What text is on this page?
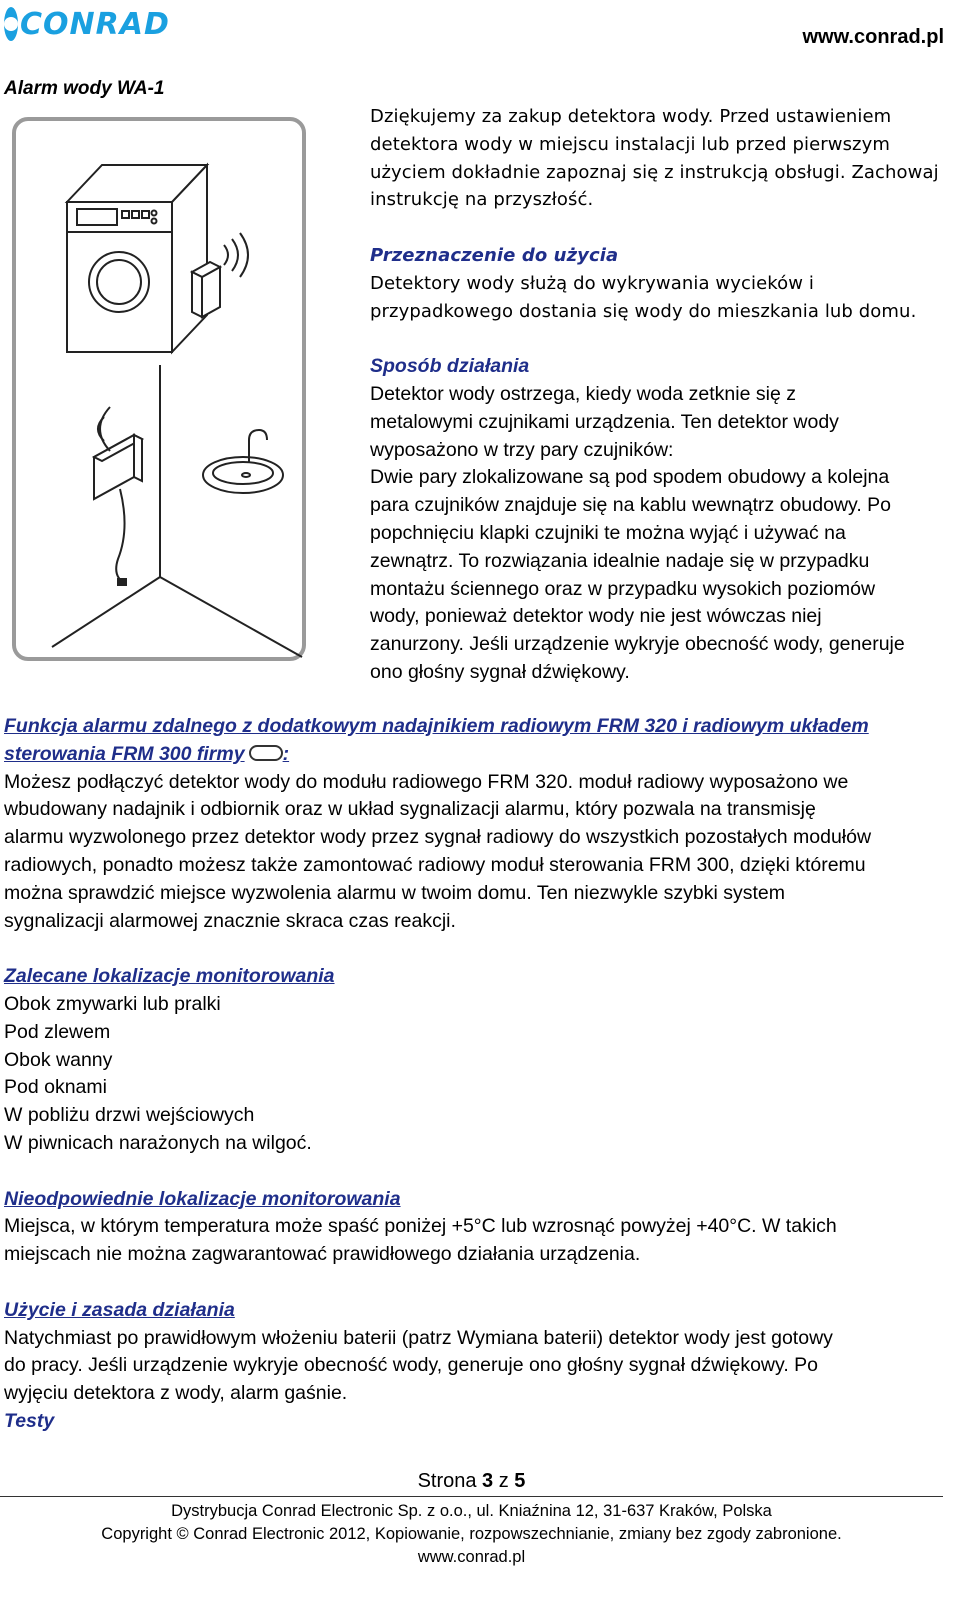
CONRAD	www.conrad.pl
Alarm wody WA-1

Dziękujemy za zakup detektora wody. Przed ustawieniem

detektora wody w miejscu instalacji lub przed pierwszym

użyciem dokładnie zapoznaj się z instrukcją obsługi. Zachowaj

instrukcję na przyszłość.

Przeznaczenie do użycia

Detektory wody służą do wykrywania wycieków i

przypadkowego dostania się wody do mieszkania lub domu.

Sposób działania

Detektor wody ostrzega, kiedy woda zetknie się z

metalowymi czujnikami urządzenia. Ten detektor wody

wyposażono w trzy pary czujników:

Dwie pary zlokalizowane są pod spodem obudowy a kolejna

para czujników znajduje się na kablu wewnątrz obudowy. Po

popchnięciu klapki czujniki te można wyjąć i używać na

zewnątrz. To rozwiązania idealnie nadaje się w przypadku

montażu ściennego oraz w przypadku wysokich poziomów

wody, ponieważ detektor wody nie jest wówczas niej

zanurzony. Jeśli urządzenie wykryje obecność wody, generuje

ono głośny sygnał dźwiękowy.

Funkcja alarmu zdalnego z dodatkowym nadajnikiem radiowym FRM 320 i radiowym układem

sterowania FRM 300 firmy :

Możesz podłączyć detektor wody do modułu radiowego FRM 320. moduł radiowy wyposażono we

wbudowany nadajnik i odbiornik oraz w układ sygnalizacji alarmu, który pozwala na transmisję

alarmu wyzwolonego przez detektor wody przez sygnał radiowy do wszystkich pozostałych modułów

radiowych, ponadto możesz także zamontować radiowy moduł sterowania FRM 300, dzięki któremu

można sprawdzić miejsce wyzwolenia alarmu w twoim domu. Ten niezwykle szybki system

sygnalizacji alarmowej znacznie skraca czas reakcji.

Zalecane lokalizacje monitorowania

Obok zmywarki lub pralki

Pod zlewem

Obok wanny

Pod oknami

W pobliżu drzwi wejściowych

W piwnicach narażonych na wilgoć.

Nieodpowiednie lokalizacje monitorowania

Miejsca, w którym temperatura może spaść poniżej +5°C lub wzrosnąć powyżej +40°C. W takich

miejscach nie można zagwarantować prawidłowego działania urządzenia.

Użycie i zasada działania

Natychmiast po prawidłowym włożeniu baterii (patrz Wymiana baterii) detektor wody jest gotowy

do pracy. Jeśli urządzenie wykryje obecność wody, generuje ono głośny sygnał dźwiękowy. Po

wyjęciu detektora z wody, alarm gaśnie.

Testy

Strona 3 z 5
Dystrybucja Conrad Electronic Sp. z o.o., ul. Kniaźnina 12, 31-637 Kraków, Polska
Copyright © Conrad Electronic 2012, Kopiowanie, rozpowszechnianie, zmiany bez zgody zabronione.
www.conrad.pl
